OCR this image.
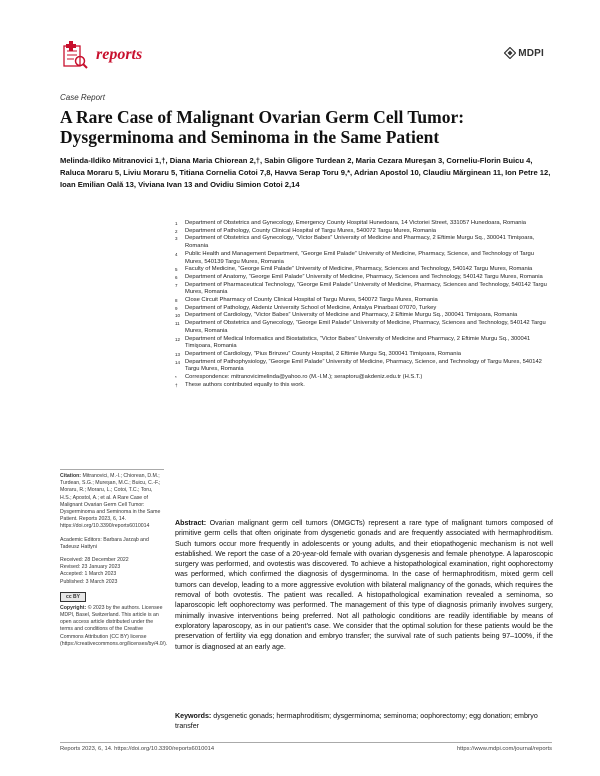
reports	MDPI
Case Report
A Rare Case of Malignant Ovarian Germ Cell Tumor: Dysgerminoma and Seminoma in the Same Patient
Melinda-Ildiko Mitranovici 1,†, Diana Maria Chiorean 2,†, Sabin Gligore Turdean 2, Maria Cezara Mureşan 3, Corneliu-Florin Buicu 4, Raluca Moraru 5, Liviu Moraru 5, Titiana Cornelia Cotoi 7,8, Havva Serap Toru 9,*, Adrian Apostol 10, Claudiu Mărginean 11, Ion Petre 12, Ioan Emilian Oală 13, Viviana Ivan 13 and Ovidiu Simion Cotoi 2,14
1	Department of Obstetrics and Gynecology, Emergency County Hospital Hunedoara, 14 Victoriei Street, 331057 Hunedoara, Romania
2	Department of Pathology, County Clinical Hospital of Targu Mures, 540072 Targu Mures, Romania
3	Department of Obstetrics and Gynecology, “Victor Babes” University of Medicine and Pharmacy, 2 Eftimie Murgu Sq., 300041 Timişoara, Romania
4	Public Health and Management Department, “George Emil Palade” University of Medicine, Pharmacy, Science, and Technology of Targu Mures, 540139 Targu Mures, Romania
5	Faculty of Medicine, “George Emil Palade” University of Medicine, Pharmacy, Sciences and Technology, 540142 Targu Mures, Romania
6	Department of Anatomy, “George Emil Palade” University of Medicine, Pharmacy, Sciences and Technology, 540142 Targu Mures, Romania
7	Department of Pharmaceutical Technology, “George Emil Palade” University of Medicine, Pharmacy, Sciences and Technology, 540142 Targu Mures, Romania
8	Close Circuit Pharmacy of County Clinical Hospital of Targu Mures, 540072 Targu Mures, Romania
9	Department of Pathology, Akdeniz University School of Medicine, Antalya Pinarbasi 07070, Turkey
10 Department of Cardiology, “Victor Babes” University of Medicine and Pharmacy, 2 Eftimie Murgu Sq., 300041 Timişoara, Romania
11 Department of Obstetrics and Gynecology, “George Emil Palade” University of Medicine, Pharmacy, Sciences and Technology, 540142 Targu Mures, Romania
12 Department of Medical Informatics and Biostatistics, “Victor Babes” University of Medicine and Pharmacy, 2 Eftimie Murgu Sq., 300041 Timişoara, Romania
13 Department of Cardiology, “Pius Brinzeu” County Hospital, 2 Eftimie Murgu Sq, 300041 Timişoara, Romania
14 Department of Pathophysiology, “George Emil Palade” University of Medicine, Pharmacy, Science, and Technology of Targu Mures, 540142 Targu Mures, Romania
*	Correspondence: mitranovicimelinda@yahoo.ro (M.-I.M.); seraptoru@akdeniz.edu.tr (H.S.T.)
†	These authors contributed equally to this work.
Citation: Mitranovici, M.-I.; Chiorean, D.M.; Turdean, S.G.; Mureşan, M.C.; Buicu, C.-F.; Moraru, R.; Moraru, L.; Cotoi, T.C.; Toru, H.S.; Apostol, A.; et al. A Rare Case of Malignant Ovarian Germ Cell Tumor: Dysgerminoma and Seminoma in the Same Patient. Reports 2023, 6, 14. https://doi.org/10.3390/reports6010014
Academic Editors: Barbara Jarząb and Tadeusz Hattyni
Received: 28 December 2022
Revised: 23 January 2023
Accepted: 1 March 2023
Published: 3 March 2023
cc BY
Copyright: © 2023 by the authors. Licensee MDPI, Basel, Switzerland. This article is an open access article distributed under the terms and conditions of the Creative Commons Attribution (CC BY) license (https://creativecommons.org/licenses/by/4.0/).
Abstract: Ovarian malignant germ cell tumors (OMGCTs) represent a rare type of malignant tumors composed of primitive germ cells that often originate from dysgenetic gonads and are frequently associated with hermaphroditism. Such tumors occur more frequently in adolescents or young adults, and their etiopathogenic mechanism is not well established. We report the case of a 20-year-old female with ovarian dysgenesis and female phenotype. A laparoscopic surgery was performed, and ovotestis was discovered. To achieve a histopathological examination, right oophorectomy was performed, which confirmed the diagnosis of dysgerminoma. In the case of hermaphroditism, mixed germ cell tumors can develop, leading to a more aggressive evolution with bilateral malignancy of the gonads, which requires the removal of both ovotestis. The patient was recalled. A histopathological examination revealed a seminoma, so laparoscopic left oophorectomy was performed. The management of this type of diagnosis primarily involves surgery, minimally invasive interventions being preferred. Not all pathologic conditions are readily identifiable by means of exploratory laparoscopy, as in our patient’s case. We consider that the optimal solution for these patients would be the preservation of fertility via egg donation and embryo transfer; the survival rate of such patients being 97–100%, if the tumor is diagnosed at an early age.
Keywords: dysgenetic gonads; hermaphroditism; dysgerminoma; seminoma; oophorectomy; egg donation; embryo transfer
Reports 2023, 6, 14. https://doi.org/10.3390/reports6010014	https://www.mdpi.com/journal/reports
